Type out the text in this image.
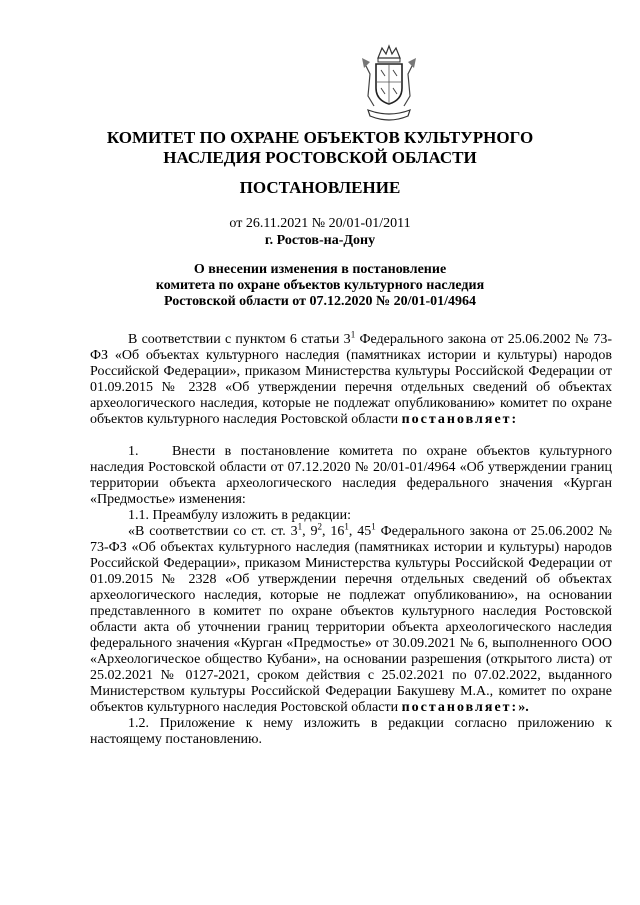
КОМИТЕТ ПО ОХРАНЕ ОБЪЕКТОВ КУЛЬТУРНОГО
НАСЛЕДИЯ РОСТОВСКОЙ ОБЛАСТИ
ПОСТАНОВЛЕНИЕ
от 26.11.2021 № 20/01-01/2011
г. Ростов-на-Дону
О внесении изменения в постановление
комитета по охране объектов культурного наследия
Ростовской области от 07.12.2020 № 20/01-01/4964

В соответствии с пунктом 6 статьи $3^1$ Федерального закона от 25.06.2002 № 73-ФЗ «Об объектах культурного наследия (памятниках истории и культуры) народов Российской Федерации», приказом Министерства культуры Российской Федерации от 01.09.2015 № 2328 «Об утверждении перечня отдельных сведений об объектах археологического наследия, которые не подлежат опубликованию» комитет по охране объектов культурного наследия Ростовской области постановляет:

1. Внести в постановление комитета по охране объектов культурного наследия Ростовской области от 07.12.2020 № 20/01-01/4964 «Об утверждении границ территории объекта археологического наследия федерального значения «Курган «Предмостье» изменения:

1.1. Преамбулу изложить в редакции:

«В соответствии со ст. ст. $3^1$, $9^2$, $16^1$, $45^1$ Федерального закона от 25.06.2002 № 73-ФЗ «Об объектах культурного наследия (памятниках истории и культуры) народов Российской Федерации», приказом Министерства культуры Российской Федерации от 01.09.2015 № 2328 «Об утверждении перечня отдельных сведений об объектах археологического наследия, которые не подлежат опубликованию», на основании представленного в комитет по охране объектов культурного наследия Ростовской области акта об уточнении границ территории объекта археологического наследия федерального значения «Курган «Предмостье» от 30.09.2021 № 6, выполненного ООО «Археологическое общество Кубани», на основании разрешения (открытого листа) от 25.02.2021 № 0127-2021, сроком действия с 25.02.2021 по 07.02.2022, выданного Министерством культуры Российской Федерации Бакушеву М.А., комитет по охране объектов культурного наследия Ростовской области постановляет:».

1.2. Приложение к нему изложить в редакции согласно приложению к настоящему постановлению.
